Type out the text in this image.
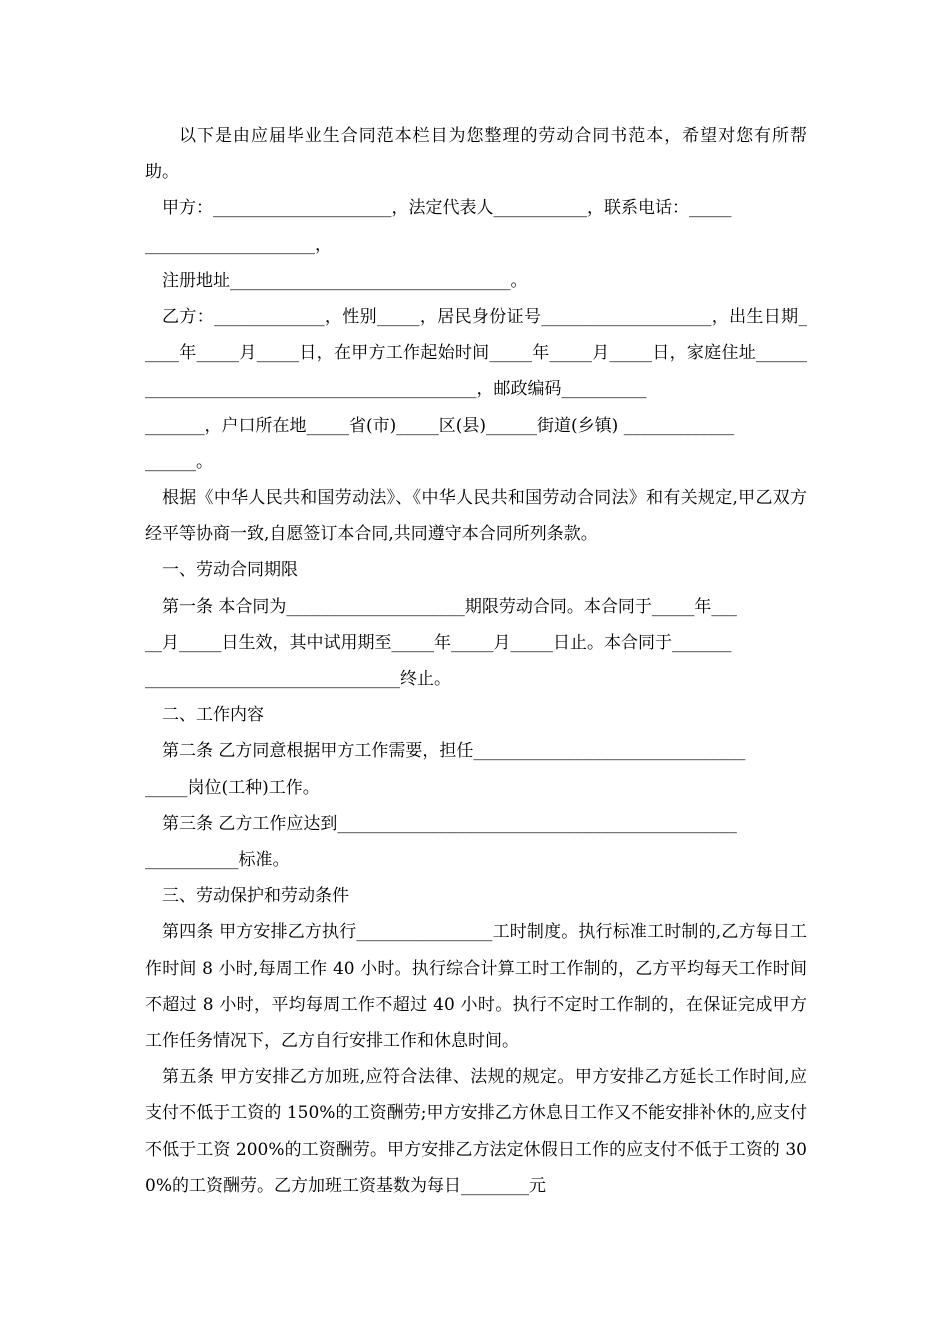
以下是由应届毕业生合同范本栏目为您整理的劳动合同书范本，希望对您有所帮助。

甲方：_____________________，法定代表人___________，联系电话：_____

____________________，

注册地址_________________________________。

乙方：_____________，性别_____，居民身份证号____________________，出生日期_____年_____月_____日，在甲方工作起始时间_____年_____月_____日，家庭住址_____________________________________________，邮政编码__________

_______，户口所在地_____省(市)_____区(县)______街道(乡镇) _____________

______。

根据《中华人民共和国劳动法》、《中华人民共和国劳动合同法》和有关规定,甲乙双方经平等协商一致,自愿签订本合同,共同遵守本合同所列条款。

一、劳动合同期限

第一条 本合同为_____________________期限劳动合同。本合同于_____年___

__月_____日生效，其中试用期至_____年_____月_____日止。本合同于_______

______________________________终止。

二、工作内容

第二条 乙方同意根据甲方工作需要，担任________________________________

_____岗位(工种)工作。

第三条 乙方工作应达到_______________________________________________

___________标准。

三、劳动保护和劳动条件

第四条 甲方安排乙方执行________________工时制度。执行标准工时制的,乙方每日工作时间 8 小时,每周工作 40 小时。执行综合计算工时工作制的，乙方平均每天工作时间不超过 8 小时，平均每周工作不超过 40 小时。执行不定时工作制的，在保证完成甲方工作任务情况下，乙方自行安排工作和休息时间。

第五条 甲方安排乙方加班,应符合法律、法规的规定。甲方安排乙方延长工作时间,应支付不低于工资的 150%的工资酬劳;甲方安排乙方休息日工作又不能安排补休的,应支付不低于工资 200%的工资酬劳。甲方安排乙方法定休假日工作的应支付不低于工资的 300%的工资酬劳。乙方加班工资基数为每日________元
